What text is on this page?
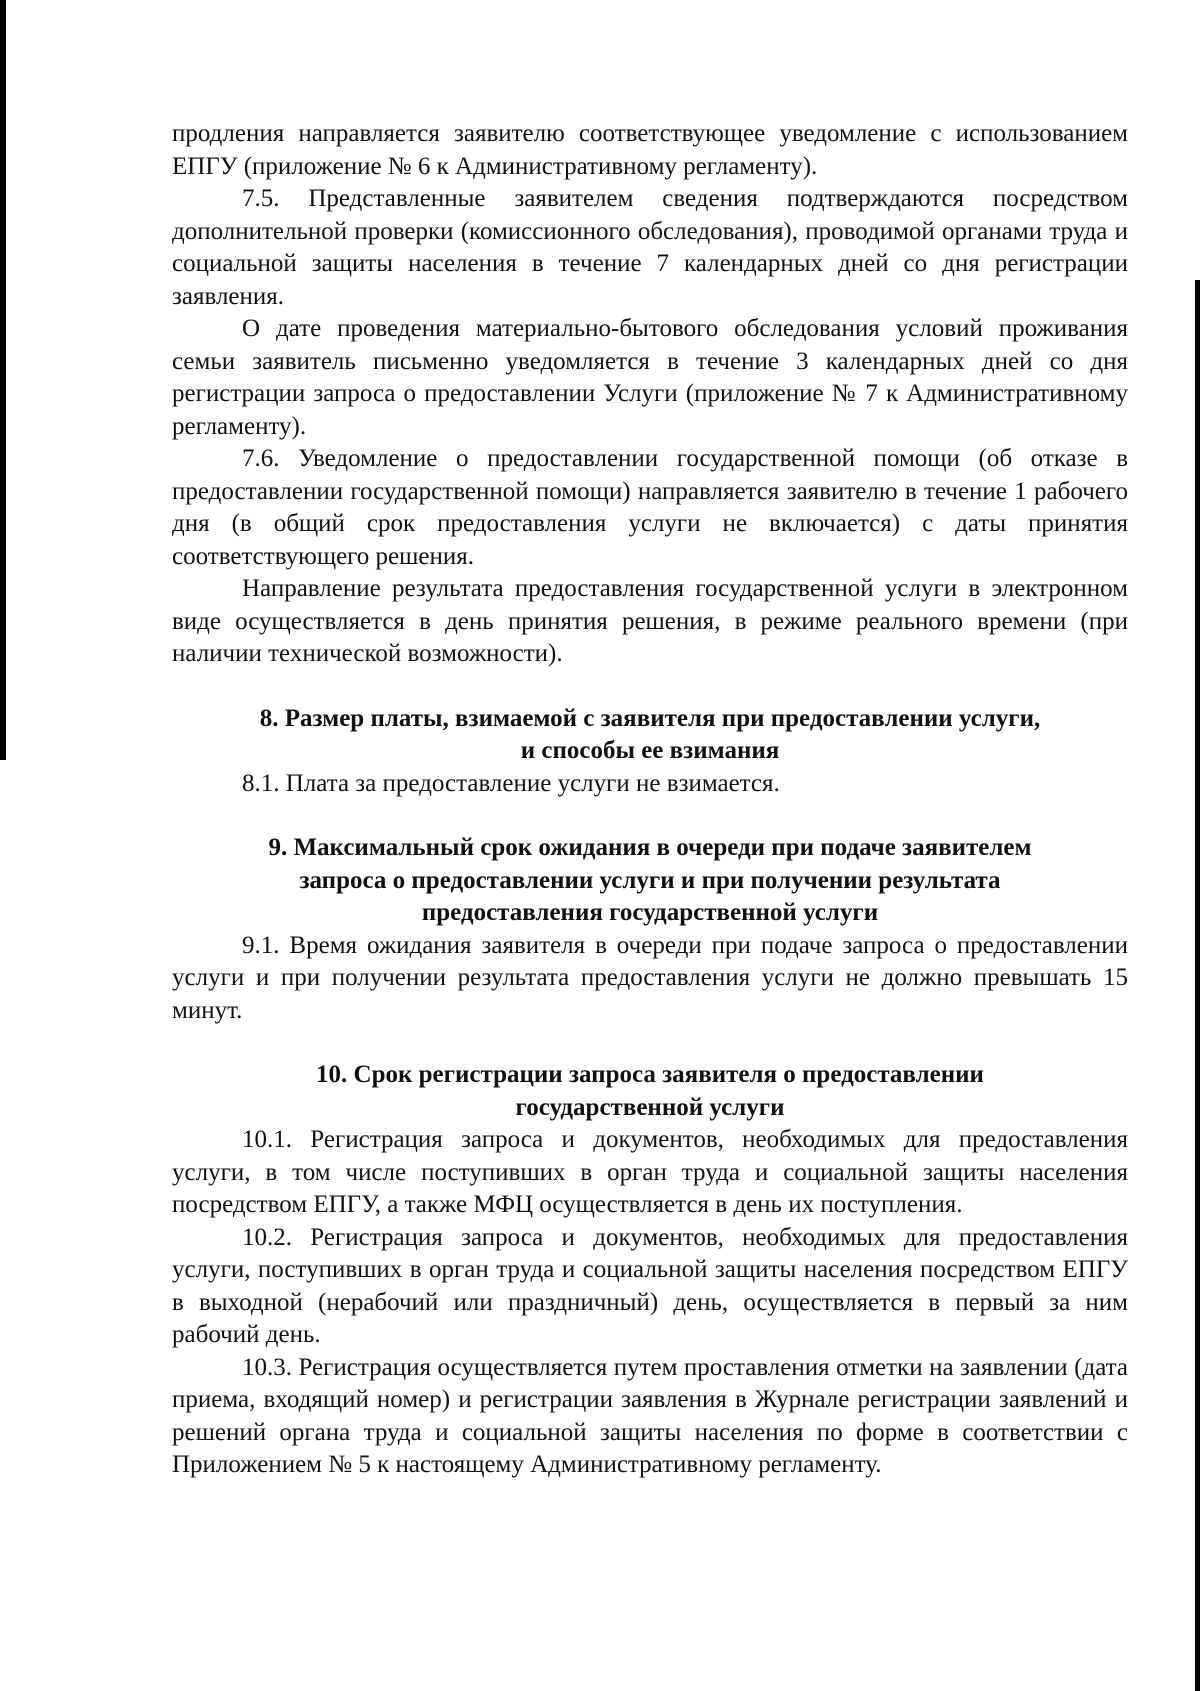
продления направляется заявителю соответствующее уведомление с использованием ЕПГУ (приложение № 6 к Административному регламенту).

7.5. Представленные заявителем сведения подтверждаются посредством дополнительной проверки (комиссионного обследования), проводимой органами труда и социальной защиты населения в течение 7 календарных дней со дня регистрации заявления.

О дате проведения материально-бытового обследования условий проживания семьи заявитель письменно уведомляется в течение 3 календарных дней со дня регистрации запроса о предоставлении Услуги (приложение № 7 к Административному регламенту).

7.6. Уведомление о предоставлении государственной помощи (об отказе в предоставлении государственной помощи) направляется заявителю в течение 1 рабочего дня (в общий срок предоставления услуги не включается) с даты принятия соответствующего решения.

Направление результата предоставления государственной услуги в электронном виде осуществляется в день принятия решения, в режиме реального времени (при наличии технической возможности).

8. Размер платы, взимаемой с заявителя при предоставлении услуги,
и способы ее взимания

8.1. Плата за предоставление услуги не взимается.

9. Максимальный срок ожидания в очереди при подаче заявителем
запроса о предоставлении услуги и при получении результата
предоставления государственной услуги

9.1. Время ожидания заявителя в очереди при подаче запроса о предоставлении услуги и при получении результата предоставления услуги не должно превышать 15 минут.

10. Срок регистрации запроса заявителя о предоставлении
государственной услуги

10.1. Регистрация запроса и документов, необходимых для предоставления услуги, в том числе поступивших в орган труда и социальной защиты населения посредством ЕПГУ, а также МФЦ осуществляется в день их поступления.

10.2. Регистрация запроса и документов, необходимых для предоставления услуги, поступивших в орган труда и социальной защиты населения посредством ЕПГУ в выходной (нерабочий или праздничный) день, осуществляется в первый за ним рабочий день.

10.3. Регистрация осуществляется путем проставления отметки на заявлении (дата приема, входящий номер) и регистрации заявления в Журнале регистрации заявлений и решений органа труда и социальной защиты населения по форме в соответствии с Приложением № 5 к настоящему Административному регламенту.
